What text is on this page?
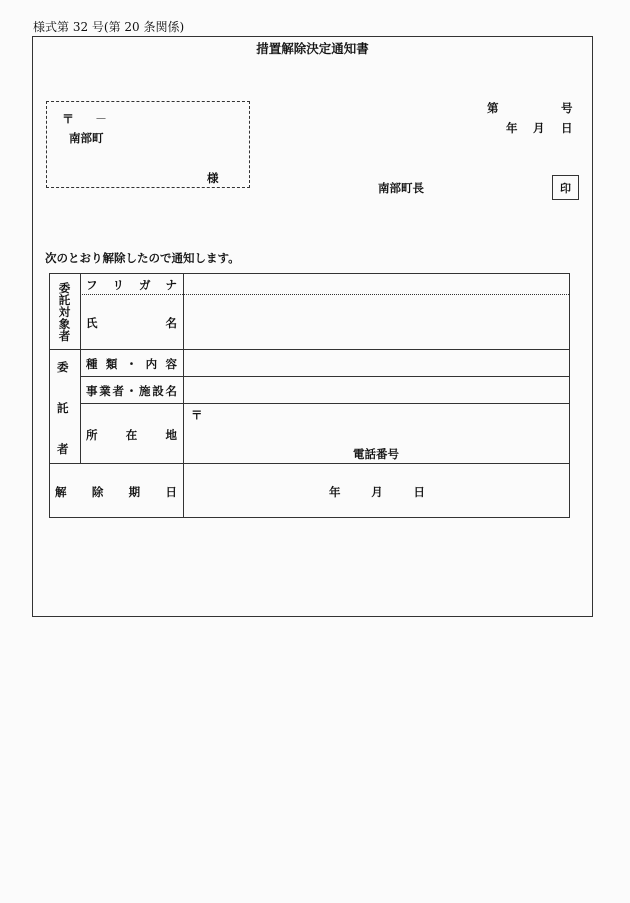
様式第 32 号(第 20 条関係)
措置解除決定通知書
〒 －
南部町
様
第	号
年 月 日
南部町長	印
次のとおり解除したので通知します。
委
託
対
象
者
フ リ ガ ナ
氏	名
委
託
者
種 類 ・ 内 容
事 業 者 ・ 施 設 名
所 在 地
〒
電話番号
解 除 期 日	年	月	日
